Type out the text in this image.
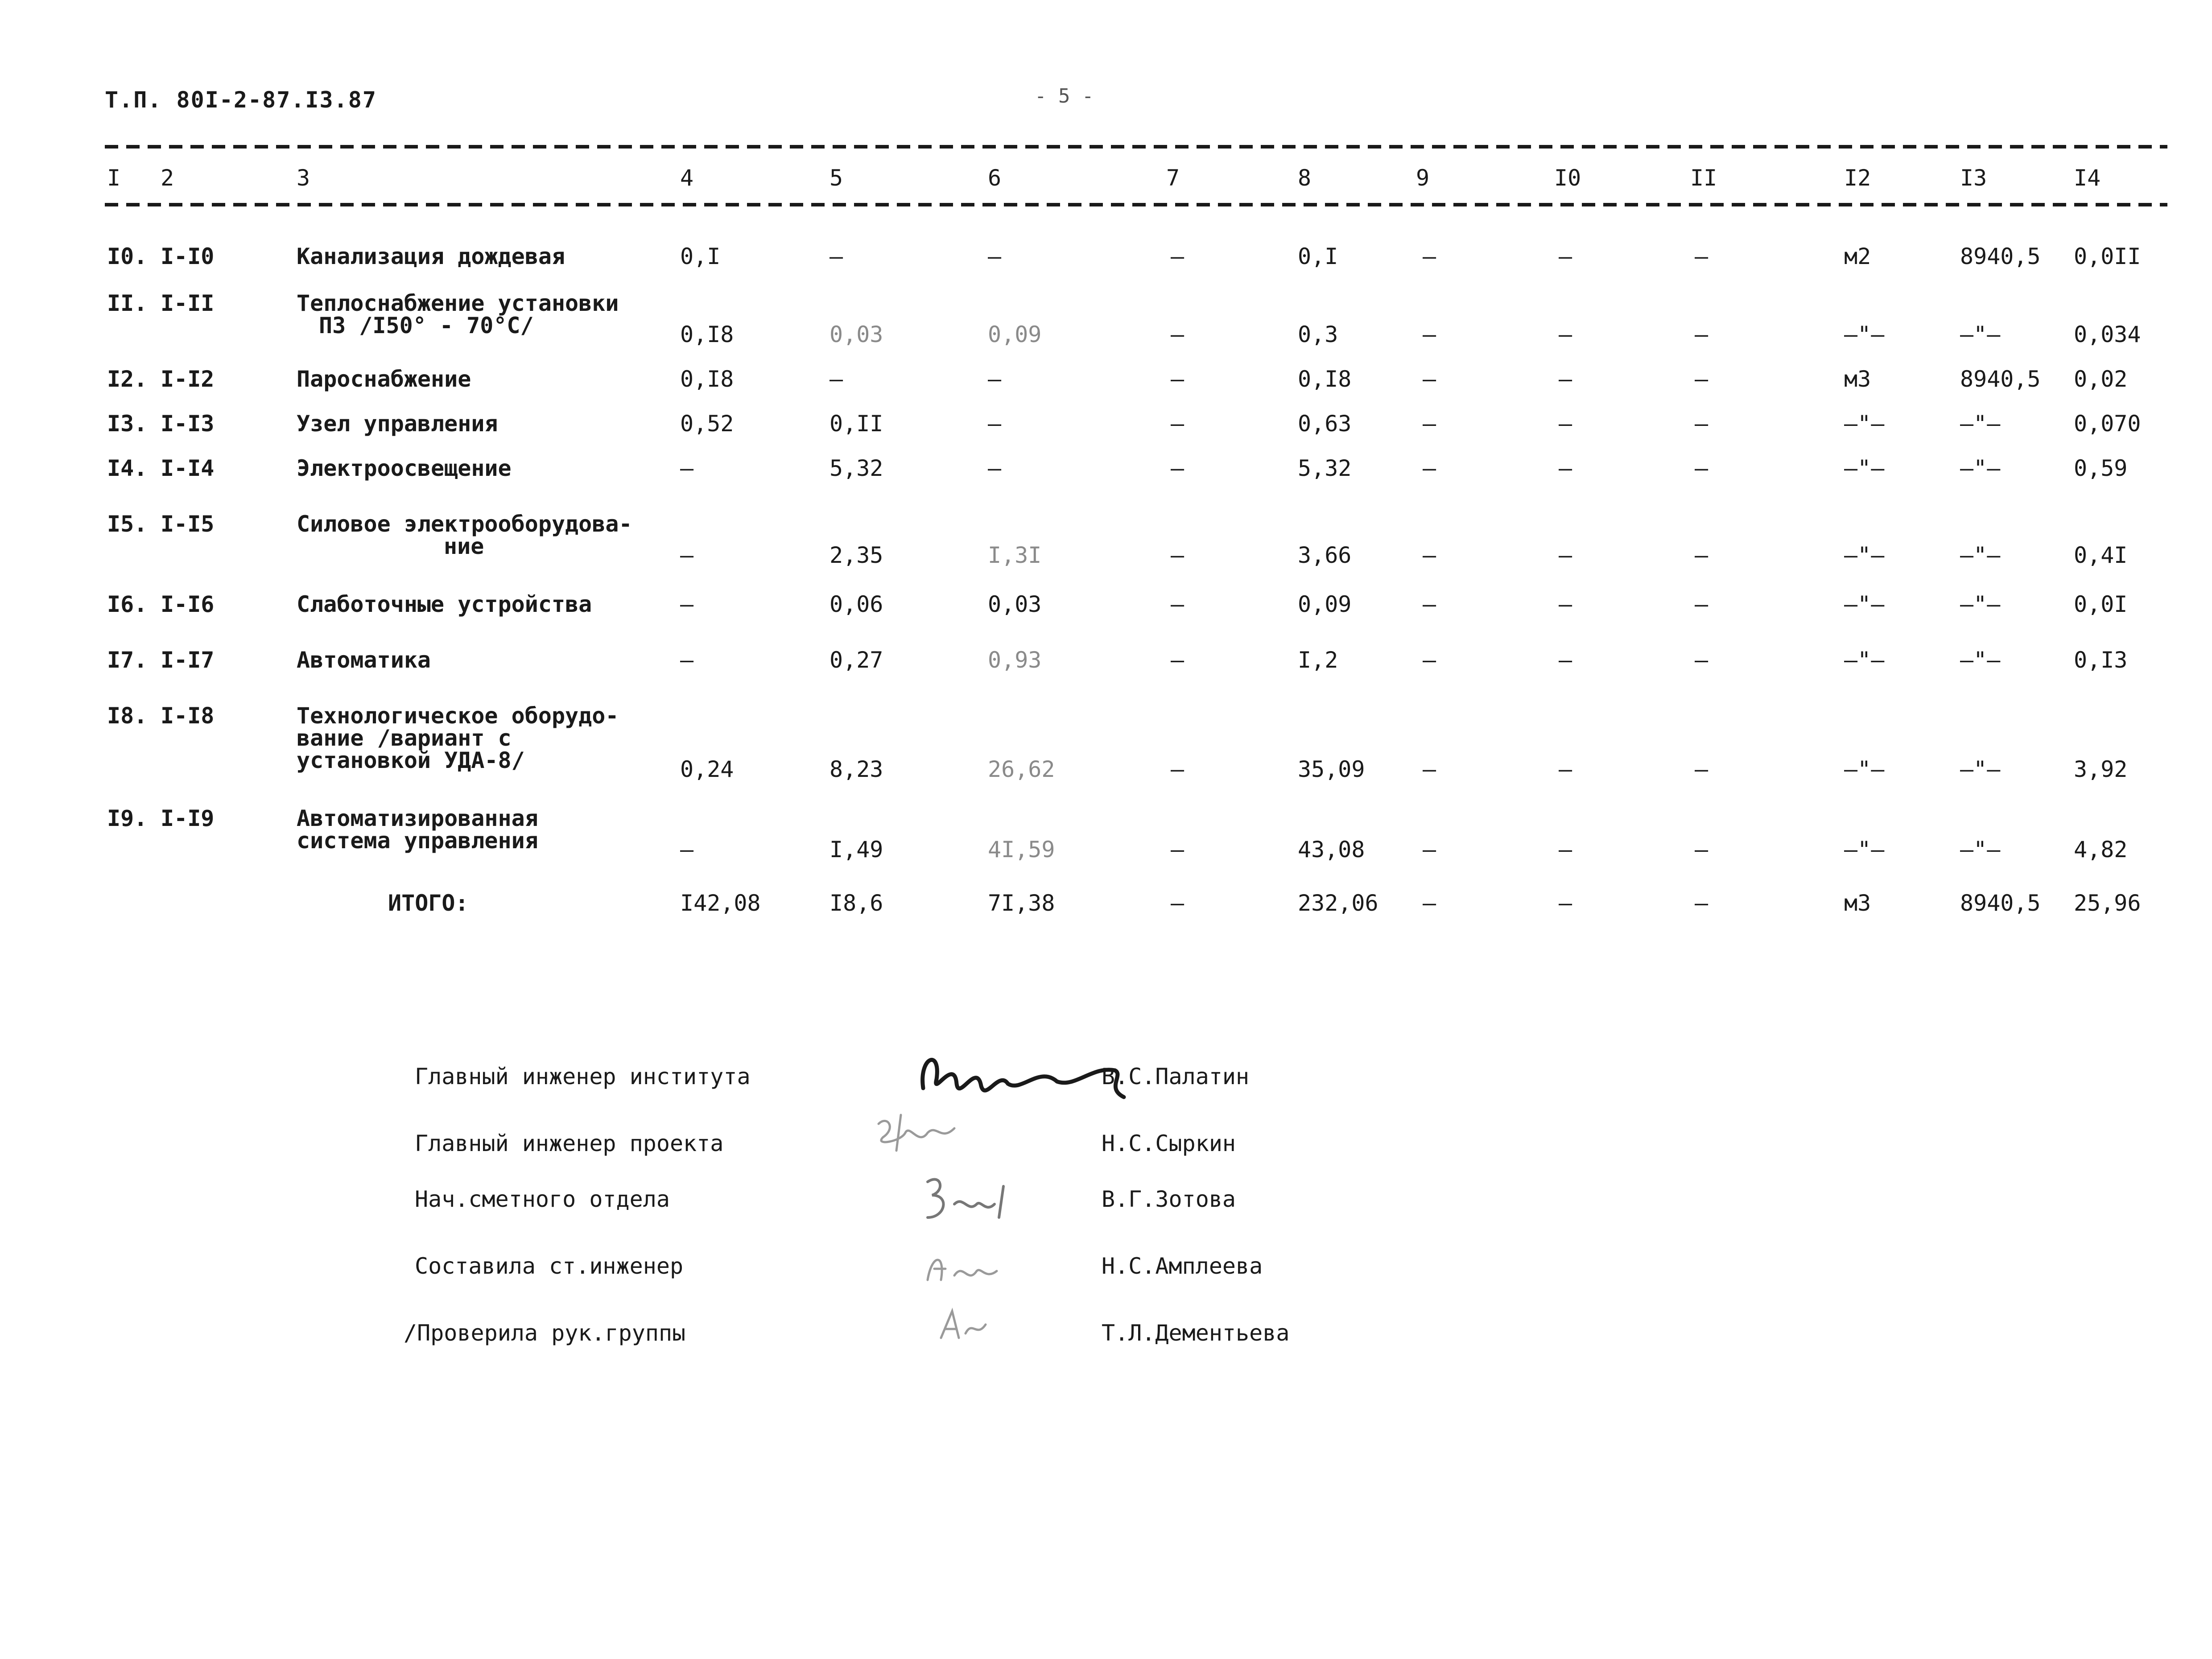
Т.П. 80I-2-87.I3.87	- 5 -
I 2	3	4	5	6	7	8	9	I0	II	I2	I3	I4
I0. I-I0	Канализация дождевая	0,I	–	–	–	0,I	–	–	–	м2	8940,5 0,0II
II. I-II	Теплоснабжение установки
ПЗ /I50° - 70°С/	0,I8	0,03	0,09	–	0,3	–	–	–	–"–	–"–	0,034
I2. I-I2	Пароснабжение	0,I8	–	–	–	0,I8	–	–	–	м3	8940,5 0,02
I3. I-I3	Узел управления	0,52	0,II	–	–	0,63	–	–	–	–"–	–"–	0,070
I4. I-I4	Электроосвещение	–	5,32	–	–	5,32	–	–	–	–"–	–"–	0,59
I5. I-I5	Силовое электрооборудова-
ние	–	2,35	I,3I	–	3,66	–	–	–	–"–	–"–	0,4I
I6. I-I6	Слаботочные устройства	–	0,06	0,03	–	0,09	–	–	–	–"–	–"–	0,0I
I7. I-I7	Автоматика	–	0,27	0,93	–	I,2	–	–	–	–"–	–"–	0,I3
I8. I-I8	Технологическое оборудо-
вание /вариант с
установкой УДА-8/	0,24	8,23	26,62	–	35,09	–	–	–	–"–	–"–	3,92
I9. I-I9	Автоматизированная
система управления	–	I,49	4I,59	–	43,08	–	–	–	–"–	–"–	4,82
ИТОГО:	I42,08	I8,6	7I,38	–	232,06 –	–	–	м3	8940,5 25,96
Главный инженер института	В.С.Палатин
Главный инженер проекта	Н.С.Сыркин
Нач.сметного отдела	В.Г.Зотова
Составила ст.инженер	Н.С.Амплеева
/Проверила рук.группы	Т.Л.Дементьева
